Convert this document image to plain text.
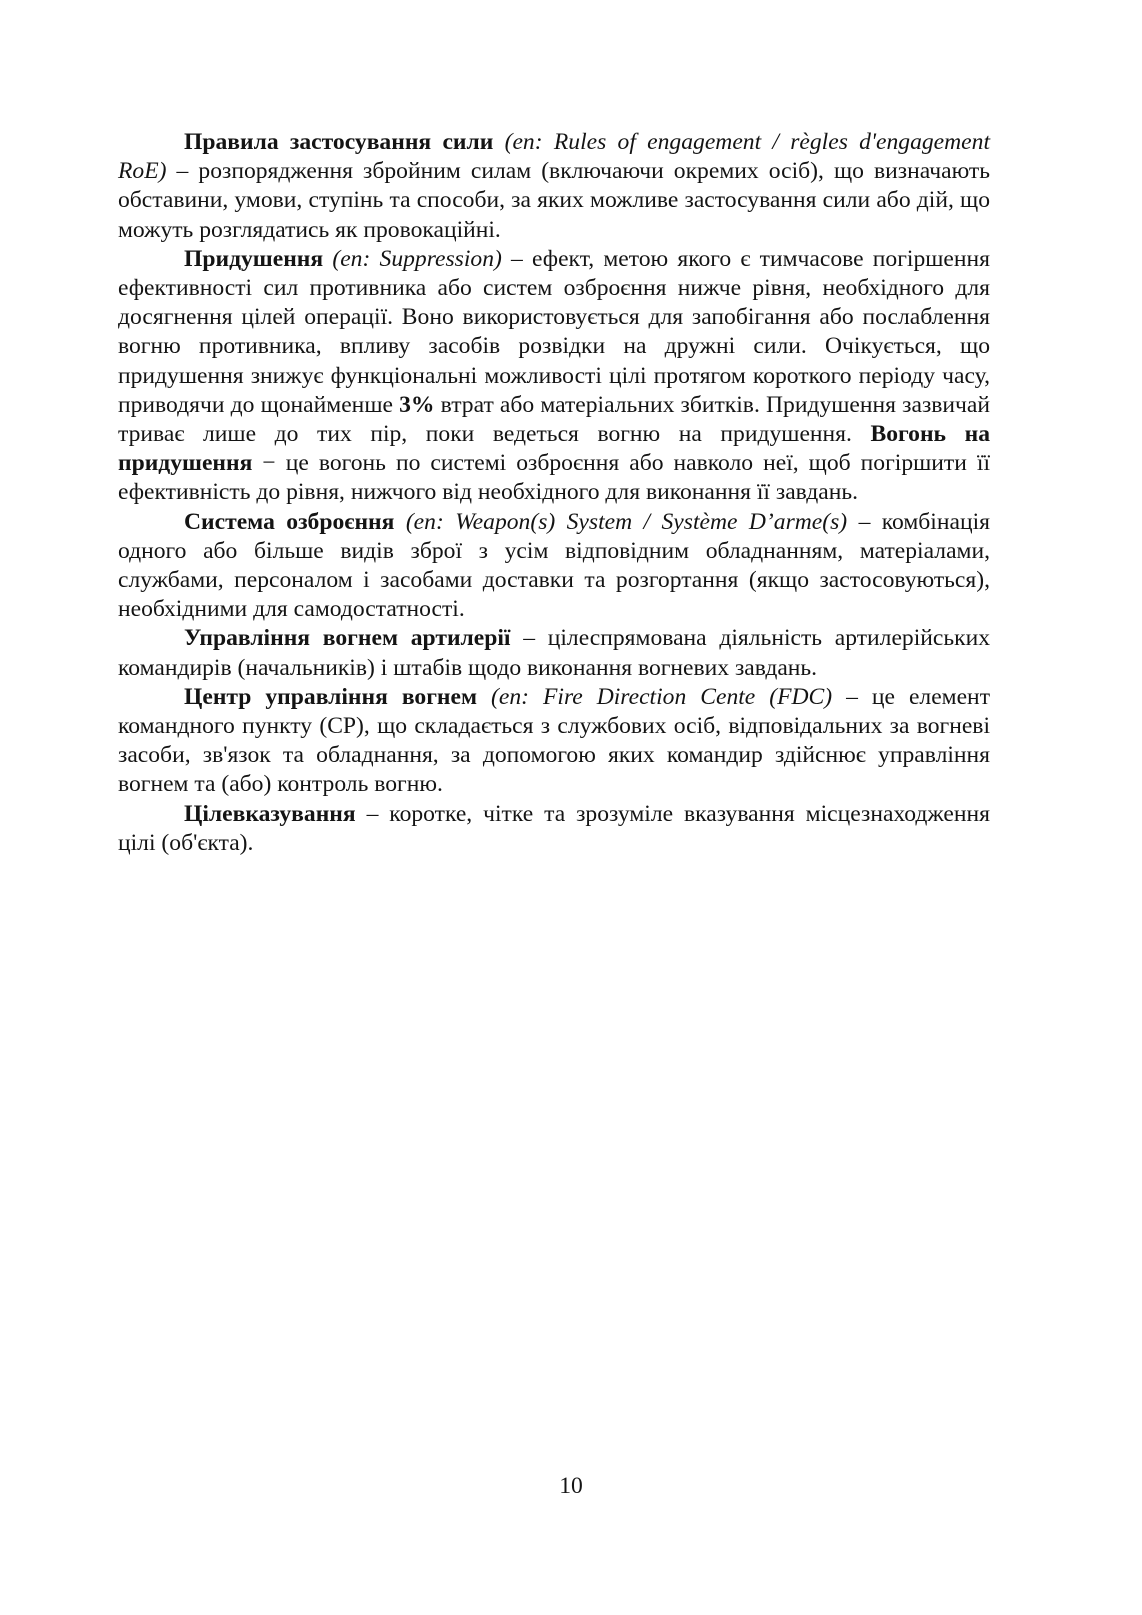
Правила застосування сили (en: Rules of engagement / règles d'engagement RoE) – розпорядження збройним силам (включаючи окремих осіб), що визначають обставини, умови, ступінь та способи, за яких можливе застосування сили або дій, що можуть розглядатись як провокаційні.

Придушення (en: Suppression) – ефект, метою якого є тимчасове погіршення ефективності сил противника або систем озброєння нижче рівня, необхідного для досягнення цілей операції. Воно використовується для запобігання або послаблення вогню противника, впливу засобів розвідки на дружні сили. Очікується, що придушення знижує функціональні можливості цілі протягом короткого періоду часу, приводячи до щонайменше 3% втрат або матеріальних збитків. Придушення зазвичай триває лише до тих пір, поки ведеться вогню на придушення. Вогонь на придушення − це вогонь по системі озброєння або навколо неї, щоб погіршити її ефективність до рівня, нижчого від необхідного для виконання її завдань.

Система озброєння (en: Weapon(s) System / Système D’arme(s) – комбінація одного або більше видів зброї з усім відповідним обладнанням, матеріалами, службами, персоналом і засобами доставки та розгортання (якщо застосовуються), необхідними для самодостатності.

Управління вогнем артилерії – цілеспрямована діяльність артилерійських командирів (начальників) і штабів щодо виконання вогневих завдань.

Центр управління вогнем (en: Fire Direction Cente (FDC) – це елемент командного пункту (СР), що складається з службових осіб, відповідальних за вогневі засоби, зв'язок та обладнання, за допомогою яких командир здійснює управління вогнем та (або) контроль вогню.

Цілевказування – коротке, чітке та зрозуміле вказування місцезнаходження цілі (об'єкта).

10
